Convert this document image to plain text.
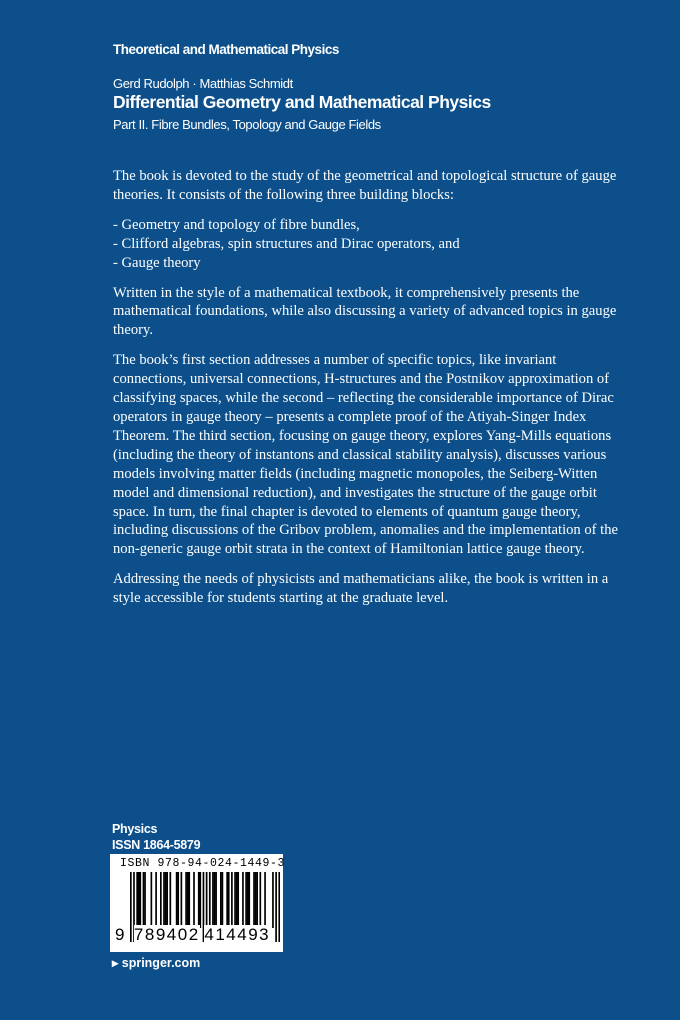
Theoretical and Mathematical Physics
Gerd Rudolph · Matthias Schmidt
Differential Geometry and Mathematical Physics
Part II. Fibre Bundles, Topology and Gauge Fields

The book is devoted to the study of the geometrical and topological structure of gauge theories. It consists of the following three building blocks:

- Geometry and topology of fibre bundles,
- Clifford algebras, spin structures and Dirac operators, and
- Gauge theory

Written in the style of a mathematical textbook, it comprehensively presents the mathematical foundations, while also discussing a variety of advanced topics in gauge theory.

The book’s first section addresses a number of specific topics, like invariant connections, universal connections, H-structures and the Postnikov approximation of classifying spaces, while the second – reflecting the considerable importance of Dirac operators in gauge theory – presents a complete proof of the Atiyah-Singer Index Theorem. The third section, focusing on gauge theory, explores Yang-Mills equations (including the theory of instantons and classical stability analysis), discusses various models involving matter fields (including magnetic monopoles, the Seiberg-Witten model and dimensional reduction), and investigates the structure of the gauge orbit space. In turn, the final chapter is devoted to elements of quantum gauge theory, including discussions of the Gribov problem, anomalies and the implementation of the non-generic gauge orbit strata in the context of Hamiltonian lattice gauge theory.

Addressing the needs of physicists and mathematicians alike, the book is written in a style accessible for students starting at the graduate level.

Physics
ISSN 1864-5879
ISBN 978-94-024-1449-3
9 789402 414493
▸ springer.com
